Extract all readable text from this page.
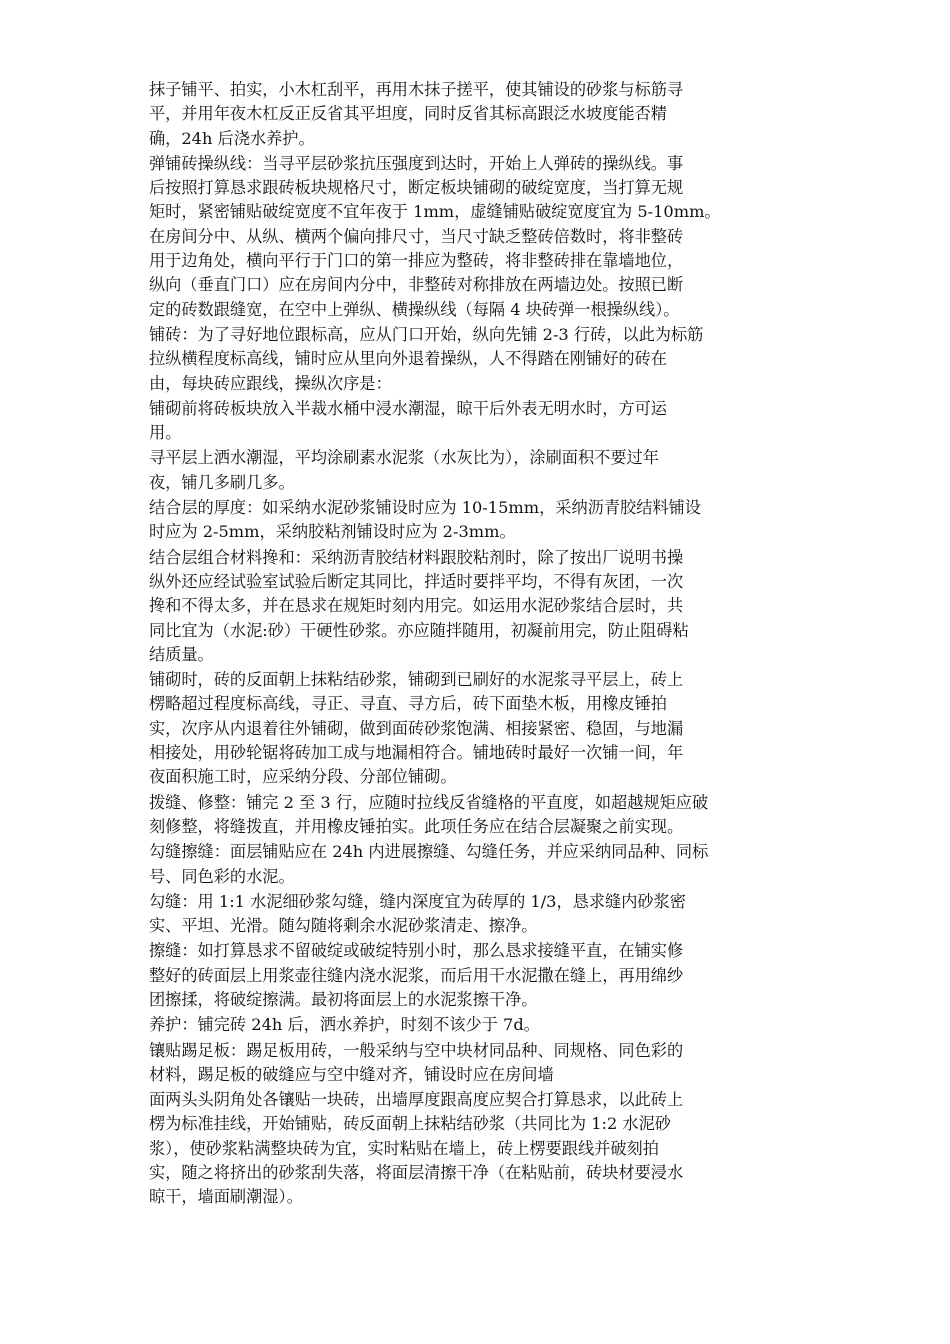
抹子铺平、拍实，小木杠刮平，再用木抹子搓平，使其铺设的砂浆与标筋寻
平，并用年夜木杠反正反省其平坦度，同时反省其标高跟泛水坡度能否精
确，24h 后浇水养护。

弹铺砖操纵线：当寻平层砂浆抗压强度到达时，开始上人弹砖的操纵线。事
后按照打算恳求跟砖板块规格尺寸，断定板块铺砌的破绽宽度，当打算无规
矩时，紧密铺贴破绽宽度不宜年夜于 1mm，虚缝铺贴破绽宽度宜为 5-10mm。
在房间分中、从纵、横两个偏向排尺寸，当尺寸缺乏整砖倍数时，将非整砖
用于边角处，横向平行于门口的第一排应为整砖，将非整砖排在靠墙地位，
纵向（垂直门口）应在房间内分中，非整砖对称排放在两墙边处。按照已断
定的砖数跟缝宽，在空中上弹纵、横操纵线（每隔 4 块砖弹一根操纵线）。

铺砖：为了寻好地位跟标高，应从门口开始，纵向先铺 2-3 行砖，以此为标筋
拉纵横程度标高线，铺时应从里向外退着操纵，人不得踏在刚铺好的砖在
由，每块砖应跟线，操纵次序是：

铺砌前将砖板块放入半裁水桶中浸水潮湿，晾干后外表无明水时，方可运
用。

寻平层上洒水潮湿，平均涂刷素水泥浆（水灰比为），涂刷面积不要过年
夜，铺几多刷几多。

结合层的厚度：如采纳水泥砂浆铺设时应为 10-15mm，采纳沥青胶结料铺设
时应为 2-5mm，采纳胶粘剂铺设时应为 2-3mm。

结合层组合材料搀和：采纳沥青胶结材料跟胶粘剂时，除了按出厂说明书操
纵外还应经试验室试验后断定其同比，拌适时要拌平均，不得有灰团，一次
搀和不得太多，并在恳求在规矩时刻内用完。如运用水泥砂浆结合层时，共
同比宜为（水泥:砂）干硬性砂浆。亦应随拌随用，初凝前用完，防止阻碍粘
结质量。

铺砌时，砖的反面朝上抹粘结砂浆，铺砌到已刷好的水泥浆寻平层上，砖上
楞略超过程度标高线，寻正、寻直、寻方后，砖下面垫木板，用橡皮锤拍
实，次序从内退着往外铺砌，做到面砖砂浆饱满、相接紧密、稳固，与地漏
相接处，用砂轮锯将砖加工成与地漏相符合。铺地砖时最好一次铺一间，年
夜面积施工时，应采纳分段、分部位铺砌。

拨缝、修整：铺完 2 至 3 行，应随时拉线反省缝格的平直度，如超越规矩应破
刻修整，将缝拨直，并用橡皮锤拍实。此项任务应在结合层凝聚之前实现。

勾缝擦缝：面层铺贴应在 24h 内进展擦缝、勾缝任务，并应采纳同品种、同标
号、同色彩的水泥。

勾缝：用 1:1 水泥细砂浆勾缝，缝内深度宜为砖厚的 1/3，恳求缝内砂浆密
实、平坦、光滑。随勾随将剩余水泥砂浆清走、擦净。

擦缝：如打算恳求不留破绽或破绽特别小时，那么恳求接缝平直，在铺实修
整好的砖面层上用浆壶往缝内浇水泥浆，而后用干水泥撒在缝上，再用绵纱
团擦揉，将破绽擦满。最初将面层上的水泥浆擦干净。

养护：铺完砖 24h 后，洒水养护，时刻不该少于 7d。

镶贴踢足板：踢足板用砖，一般采纳与空中块材同品种、同规格、同色彩的
材料，踢足板的破缝应与空中缝对齐，铺设时应在房间墙

面两头头阴角处各镶贴一块砖，出墙厚度跟高度应契合打算恳求，以此砖上
楞为标准挂线，开始铺贴，砖反面朝上抹粘结砂浆（共同比为 1:2 水泥砂
浆），使砂浆粘满整块砖为宜，实时粘贴在墙上，砖上楞要跟线并破刻拍
实，随之将挤出的砂浆刮失落，将面层清擦干净（在粘贴前，砖块材要浸水
晾干，墙面刷潮湿）。
